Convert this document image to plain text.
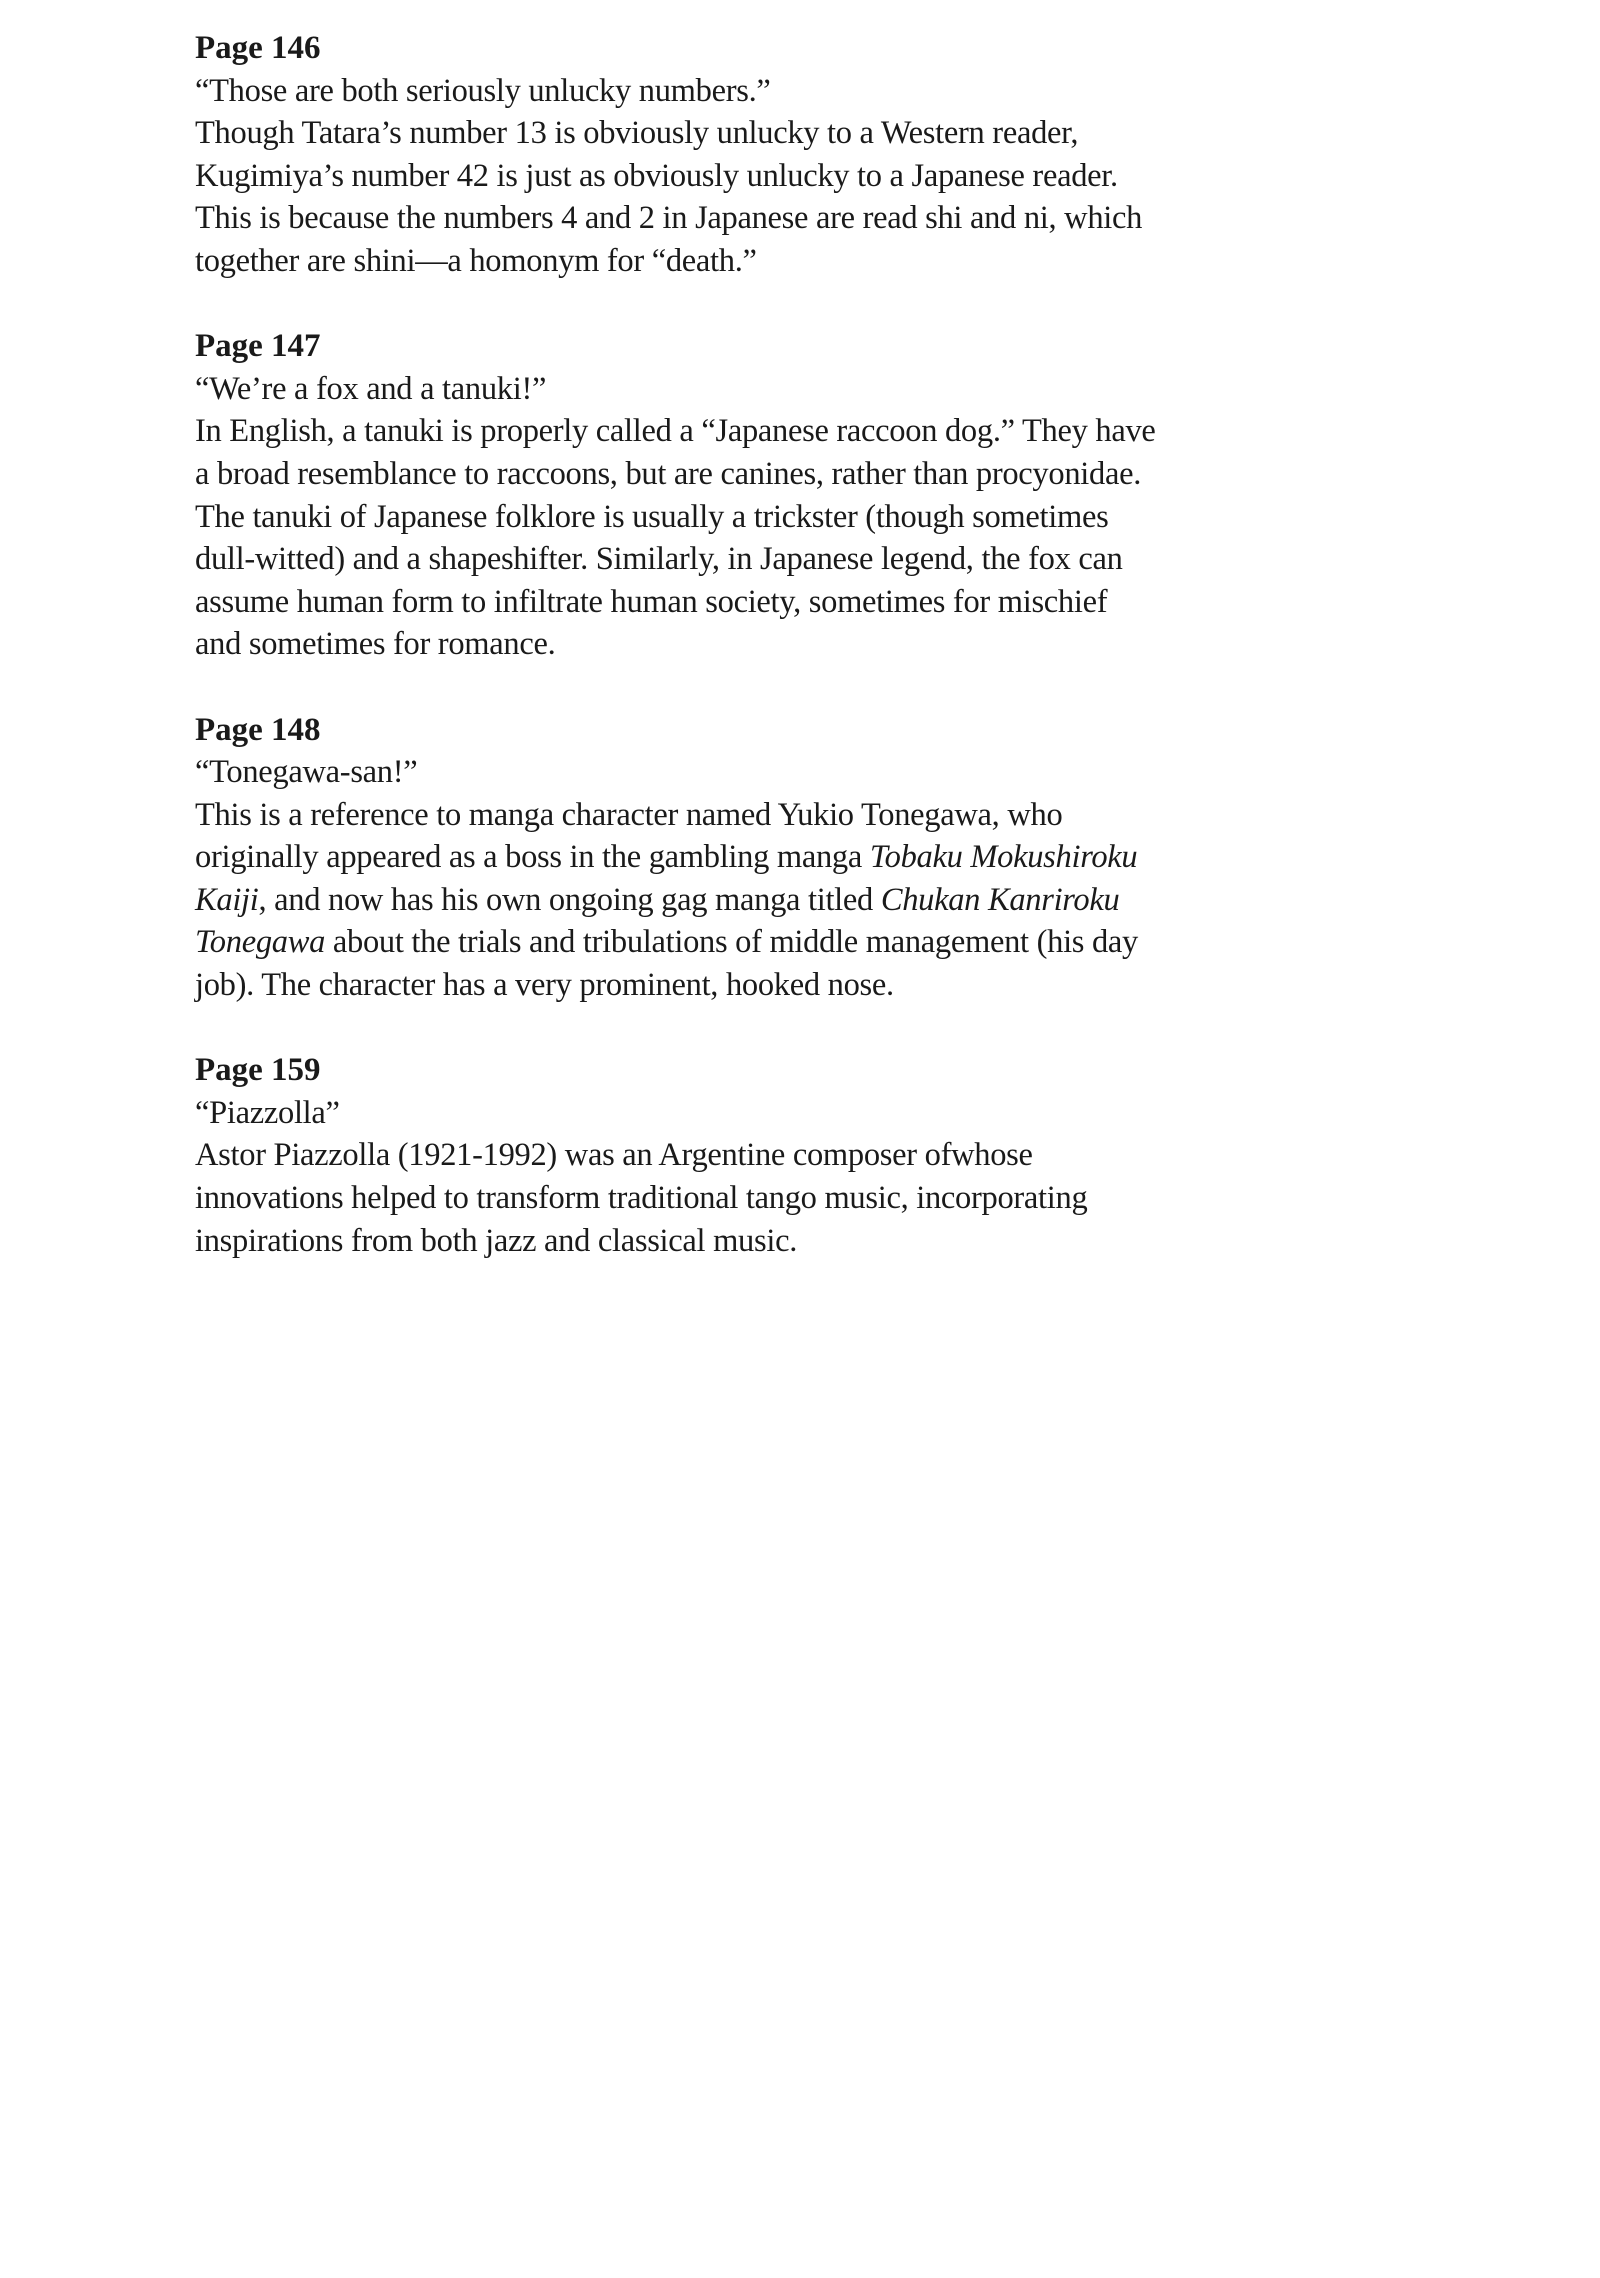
Page 146
“Those are both seriously unlucky numbers.”
Though Tatara’s number 13 is obviously unlucky to a Western reader,
Kugimiya’s number 42 is just as obviously unlucky to a Japanese reader.
This is because the numbers 4 and 2 in Japanese are read shi and ni, which
together are shini—a homonym for “death.”
Page 147
“We’re a fox and a tanuki!”
In English, a tanuki is properly called a “Japanese raccoon dog.” They have
a broad resemblance to raccoons, but are canines, rather than procyonidae.
The tanuki of Japanese folklore is usually a trickster (though sometimes
dull-witted) and a shapeshifter. Similarly, in Japanese legend, the fox can
assume human form to infiltrate human society, sometimes for mischief
and sometimes for romance.
Page 148
“Tonegawa-san!”
This is a reference to manga character named Yukio Tonegawa, who
originally appeared as a boss in the gambling manga Tobaku Mokushiroku
Kaiji, and now has his own ongoing gag manga titled Chukan Kanriroku
Tonegawa about the trials and tribulations of middle management (his day
job). The character has a very prominent, hooked nose.
Page 159
“Piazzolla”
Astor Piazzolla (1921-1992) was an Argentine composer ofwhose
innovations helped to transform traditional tango music, incorporating
inspirations from both jazz and classical music.
